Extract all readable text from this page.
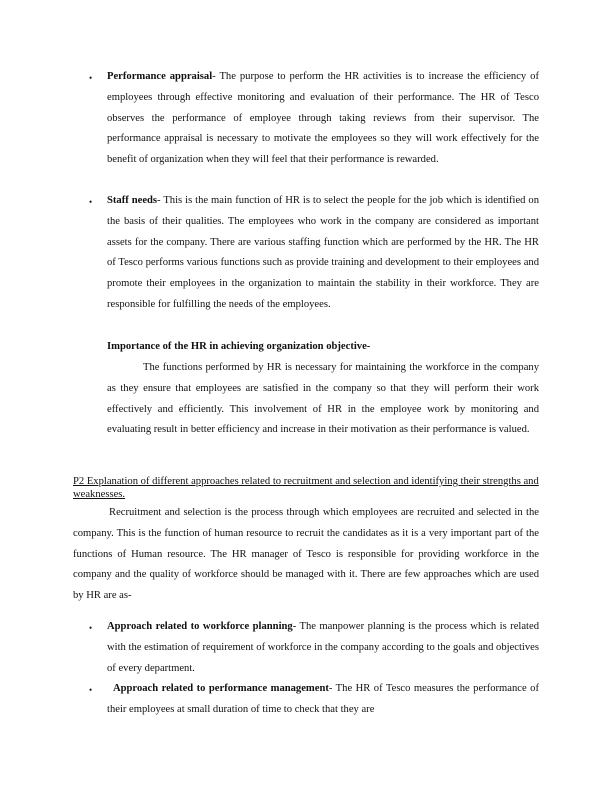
• Performance appraisal- The purpose to perform the HR activities is to increase the efficiency of employees through effective monitoring and evaluation of their performance. The HR of Tesco observes the performance of employee through taking reviews from their supervisor. The performance appraisal is necessary to motivate the employees so they will work effectively for the benefit of organization when they will feel that their performance is rewarded.
• Staff needs- This is the main function of HR is to select the people for the job which is identified on the basis of their qualities. The employees who work in the company are considered as important assets for the company. There are various staffing function which are performed by the HR. The HR of Tesco performs various functions such as provide training and development to their employees and promote their employees in the organization to maintain the stability in their workforce. They are responsible for fulfilling the needs of the employees.
Importance of the HR in achieving organization objective-
The functions performed by HR is necessary for maintaining the workforce in the company as they ensure that employees are satisfied in the company so that they will perform their work effectively and efficiently. This involvement of HR in the employee work by monitoring and evaluating result in better efficiency and increase in their motivation as their performance is valued.
P2 Explanation of different approaches related to recruitment and selection and identifying their strengths and weaknesses.
Recruitment and selection is the process through which employees are recruited and selected in the company. This is the function of human resource to recruit the candidates as it is a very important part of the functions of Human resource. The HR manager of Tesco is responsible for providing workforce in the company and the quality of workforce should be managed with it. There are few approaches which are used by HR are as-
• Approach related to workforce planning- The manpower planning is the process which is related with the estimation of requirement of workforce in the company according to the goals and objectives of every department.
•	Approach related to performance management- The HR of Tesco measures the performance of their employees at small duration of time to check that they are
